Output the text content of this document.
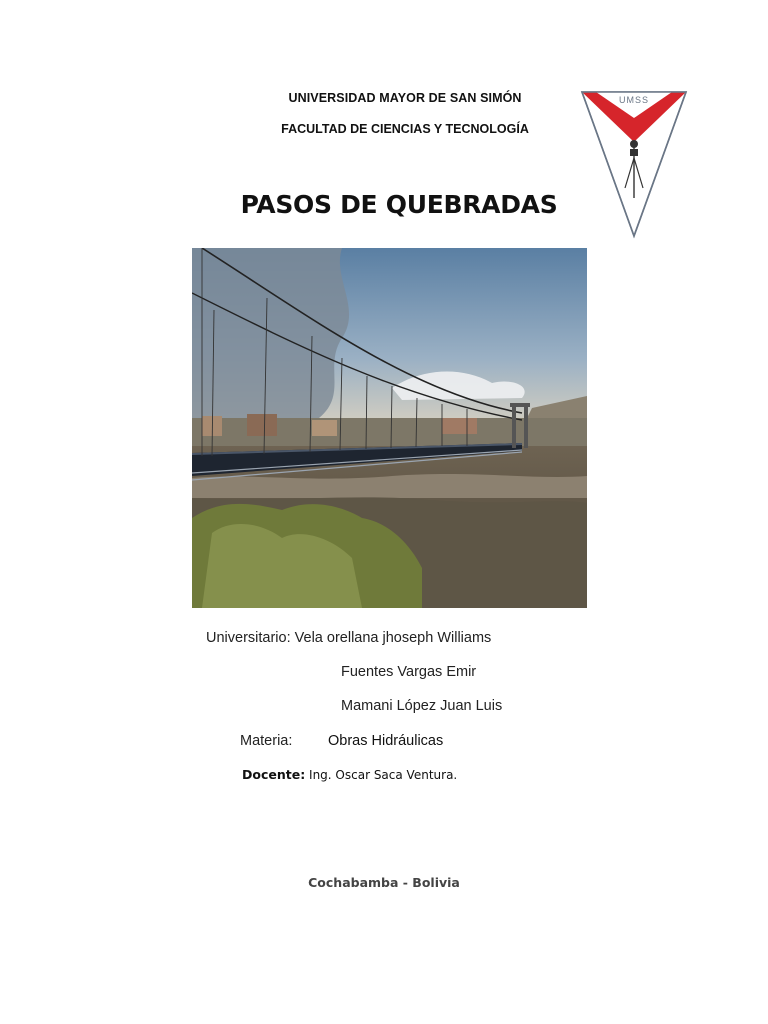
UNIVERSIDAD MAYOR DE SAN SIMÓN
FACULTAD DE CIENCIAS Y TECNOLOGÍA
UMSS
PASOS DE QUEBRADAS
Universitario: Vela orellana jhoseph Williams
Fuentes Vargas Emir
Mamani López Juan Luis
Materia: Obras Hidráulicas
Docente: Ing. Oscar Saca Ventura.
Cochabamba - Bolivia
